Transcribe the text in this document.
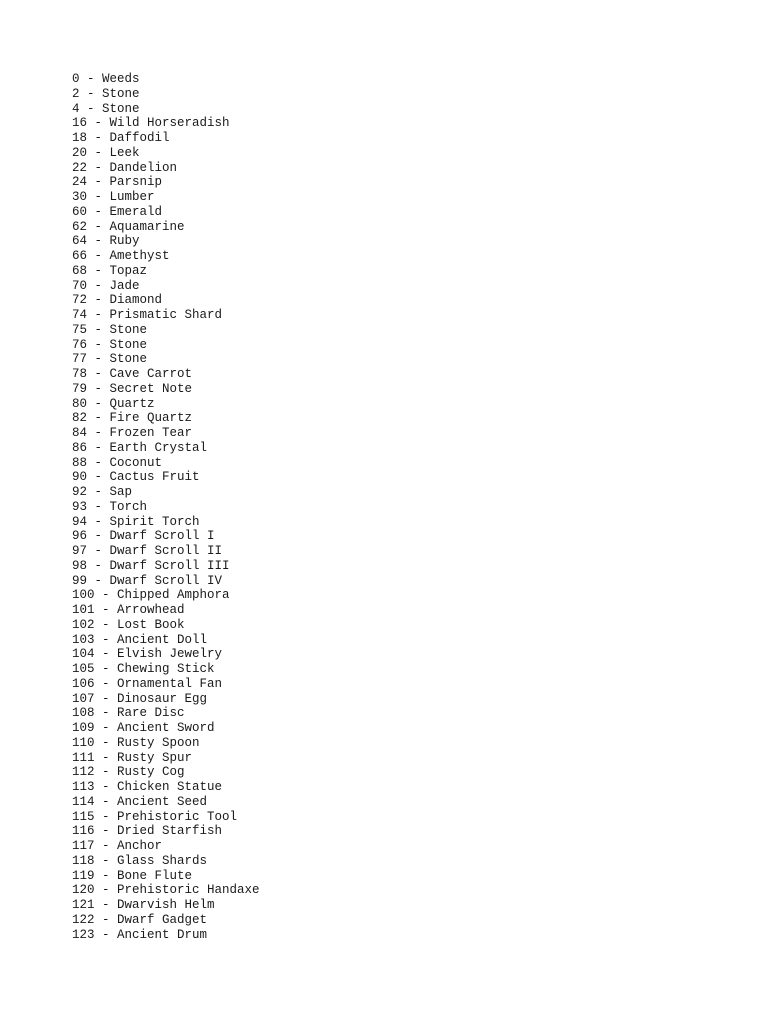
0 - Weeds
2 - Stone
4 - Stone
16 - Wild Horseradish
18 - Daffodil
20 - Leek
22 - Dandelion
24 - Parsnip
30 - Lumber
60 - Emerald
62 - Aquamarine
64 - Ruby
66 - Amethyst
68 - Topaz
70 - Jade
72 - Diamond
74 - Prismatic Shard
75 - Stone
76 - Stone
77 - Stone
78 - Cave Carrot
79 - Secret Note
80 - Quartz
82 - Fire Quartz
84 - Frozen Tear
86 - Earth Crystal
88 - Coconut
90 - Cactus Fruit
92 - Sap
93 - Torch
94 - Spirit Torch
96 - Dwarf Scroll I
97 - Dwarf Scroll II
98 - Dwarf Scroll III
99 - Dwarf Scroll IV
100 - Chipped Amphora
101 - Arrowhead
102 - Lost Book
103 - Ancient Doll
104 - Elvish Jewelry
105 - Chewing Stick
106 - Ornamental Fan
107 - Dinosaur Egg
108 - Rare Disc
109 - Ancient Sword
110 - Rusty Spoon
111 - Rusty Spur
112 - Rusty Cog
113 - Chicken Statue
114 - Ancient Seed
115 - Prehistoric Tool
116 - Dried Starfish
117 - Anchor
118 - Glass Shards
119 - Bone Flute
120 - Prehistoric Handaxe
121 - Dwarvish Helm
122 - Dwarf Gadget
123 - Ancient Drum
